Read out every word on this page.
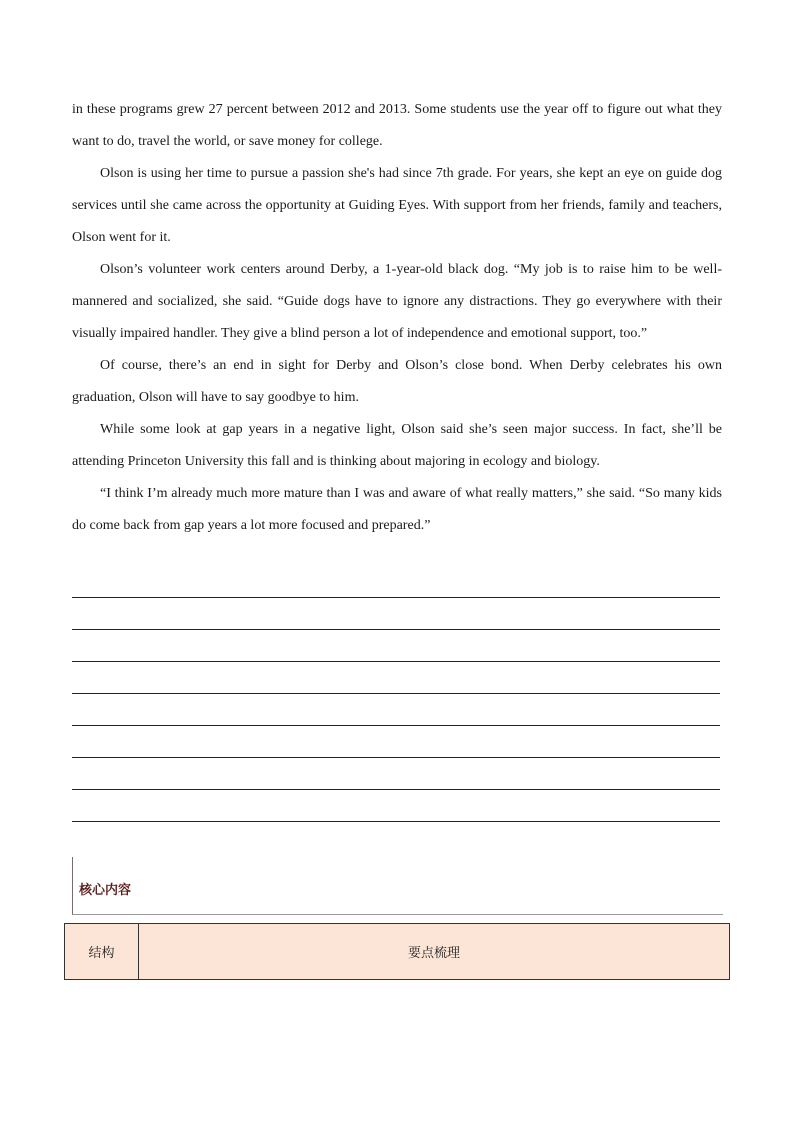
in these programs grew 27 percent between 2012 and 2013. Some students use the year off to figure out what they want to do, travel the world, or save money for college.

Olson is using her time to pursue a passion she's had since 7th grade. For years, she kept an eye on guide dog services until she came across the opportunity at Guiding Eyes. With support from her friends, family and teachers, Olson went for it.

Olson’s volunteer work centers around Derby, a 1-year-old black dog. “My job is to raise him to be well-mannered and socialized, she said. “Guide dogs have to ignore any distractions. They go everywhere with their visually impaired handler. They give a blind person a lot of independence and emotional support, too.”

Of course, there’s an end in sight for Derby and Olson’s close bond. When Derby celebrates his own graduation, Olson will have to say goodbye to him.

While some look at gap years in a negative light, Olson said she’s seen major success. In fact, she’ll be attending Princeton University this fall and is thinking about majoring in ecology and biology.

“I think I’m already much more mature than I was and aware of what really matters,” she said. “So many kids do come back from gap years a lot more focused and prepared.”

核心内容
结构	要点梳理
